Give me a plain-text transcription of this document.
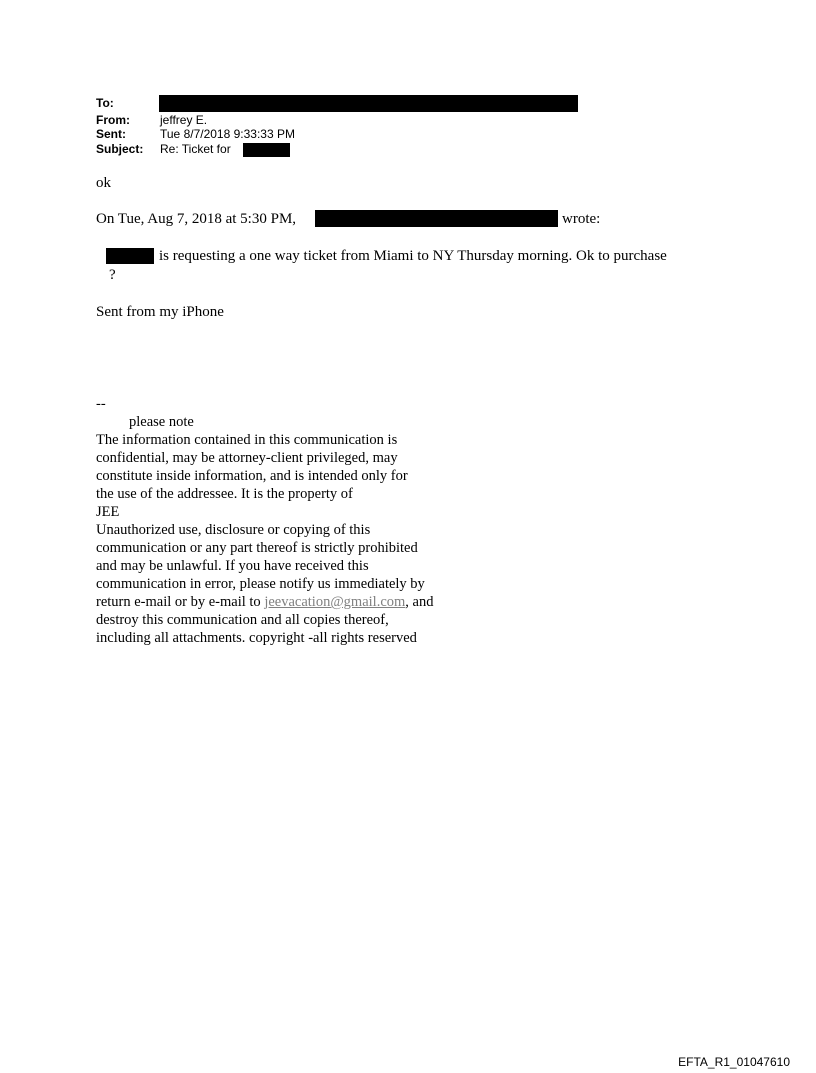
To:
From:	jeffrey E.
Sent:	Tue 8/7/2018 9:33:33 PM
Subject: Re: Ticket for
ok
On Tue, Aug 7, 2018 at 5:30 PM,	wrote:
is requesting a one way ticket from Miami to NY Thursday morning. Ok to purchase
?
Sent from my iPhone
--
please note
The information contained in this communication is
confidential, may be attorney-client privileged, may
constitute inside information, and is intended only for
the use of the addressee. It is the property of
JEE
Unauthorized use, disclosure or copying of this
communication or any part thereof is strictly prohibited
and may be unlawful. If you have received this
communication in error, please notify us immediately by
return e-mail or by e-mail to jeevacation@gmail.com, and
destroy this communication and all copies thereof,
including all attachments. copyright -all rights reserved
EFTA_R1_01047610
